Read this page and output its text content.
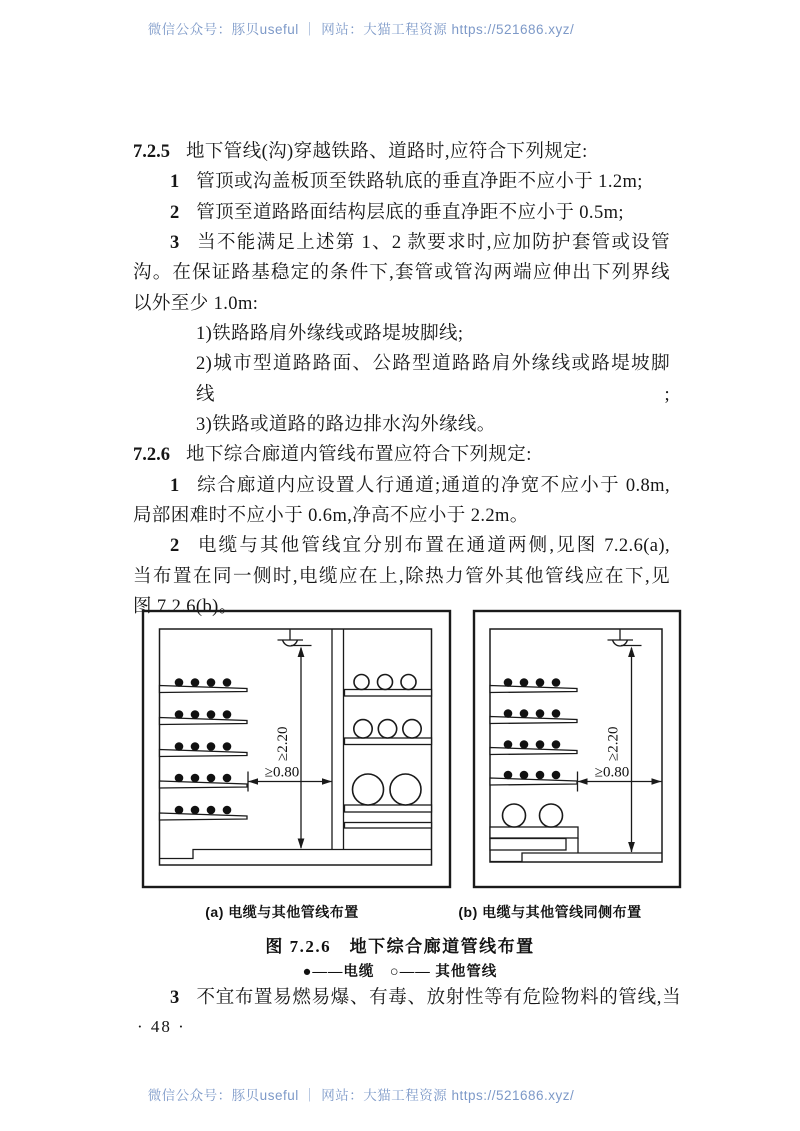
微信公众号：豚贝useful ｜ 网站：大猫工程资源 https://521686.xyz/
7.2.5 地下管线(沟)穿越铁路、道路时,应符合下列规定:
1 管顶或沟盖板顶至铁路轨底的垂直净距不应小于 1.2m;
2 管顶至道路路面结构层底的垂直净距不应小于 0.5m;
3 当不能满足上述第 1、2 款要求时,应加防护套管或设管
沟。在保证路基稳定的条件下,套管或管沟两端应伸出下列界线
以外至少 1.0m:
1)铁路路肩外缘线或路堤坡脚线;
2)城市型道路路面、公路型道路路肩外缘线或路堤坡脚线;
3)铁路或道路的路边排水沟外缘线。
7.2.6 地下综合廊道内管线布置应符合下列规定:
1 综合廊道内应设置人行通道;通道的净宽不应小于 0.8m,
局部困难时不应小于 0.6m,净高不应小于 2.2m。
2 电缆与其他管线宜分别布置在通道两侧,见图 7.2.6(a),
当布置在同一侧时,电缆应在上,除热力管外其他管线应在下,见
图 7.2.6(b)。
≥2.20
≥0.80
≥2.20
≥0.80
(a) 电缆与其他管线布置	(b) 电缆与其他管线同侧布置
图 7.2.6　地下综合廊道管线布置
●——电缆　○—— 其他管线
3 不宜布置易燃易爆、有毒、放射性等有危险物料的管线,当
· 48 ·
微信公众号：豚贝useful ｜ 网站：大猫工程资源 https://521686.xyz/
